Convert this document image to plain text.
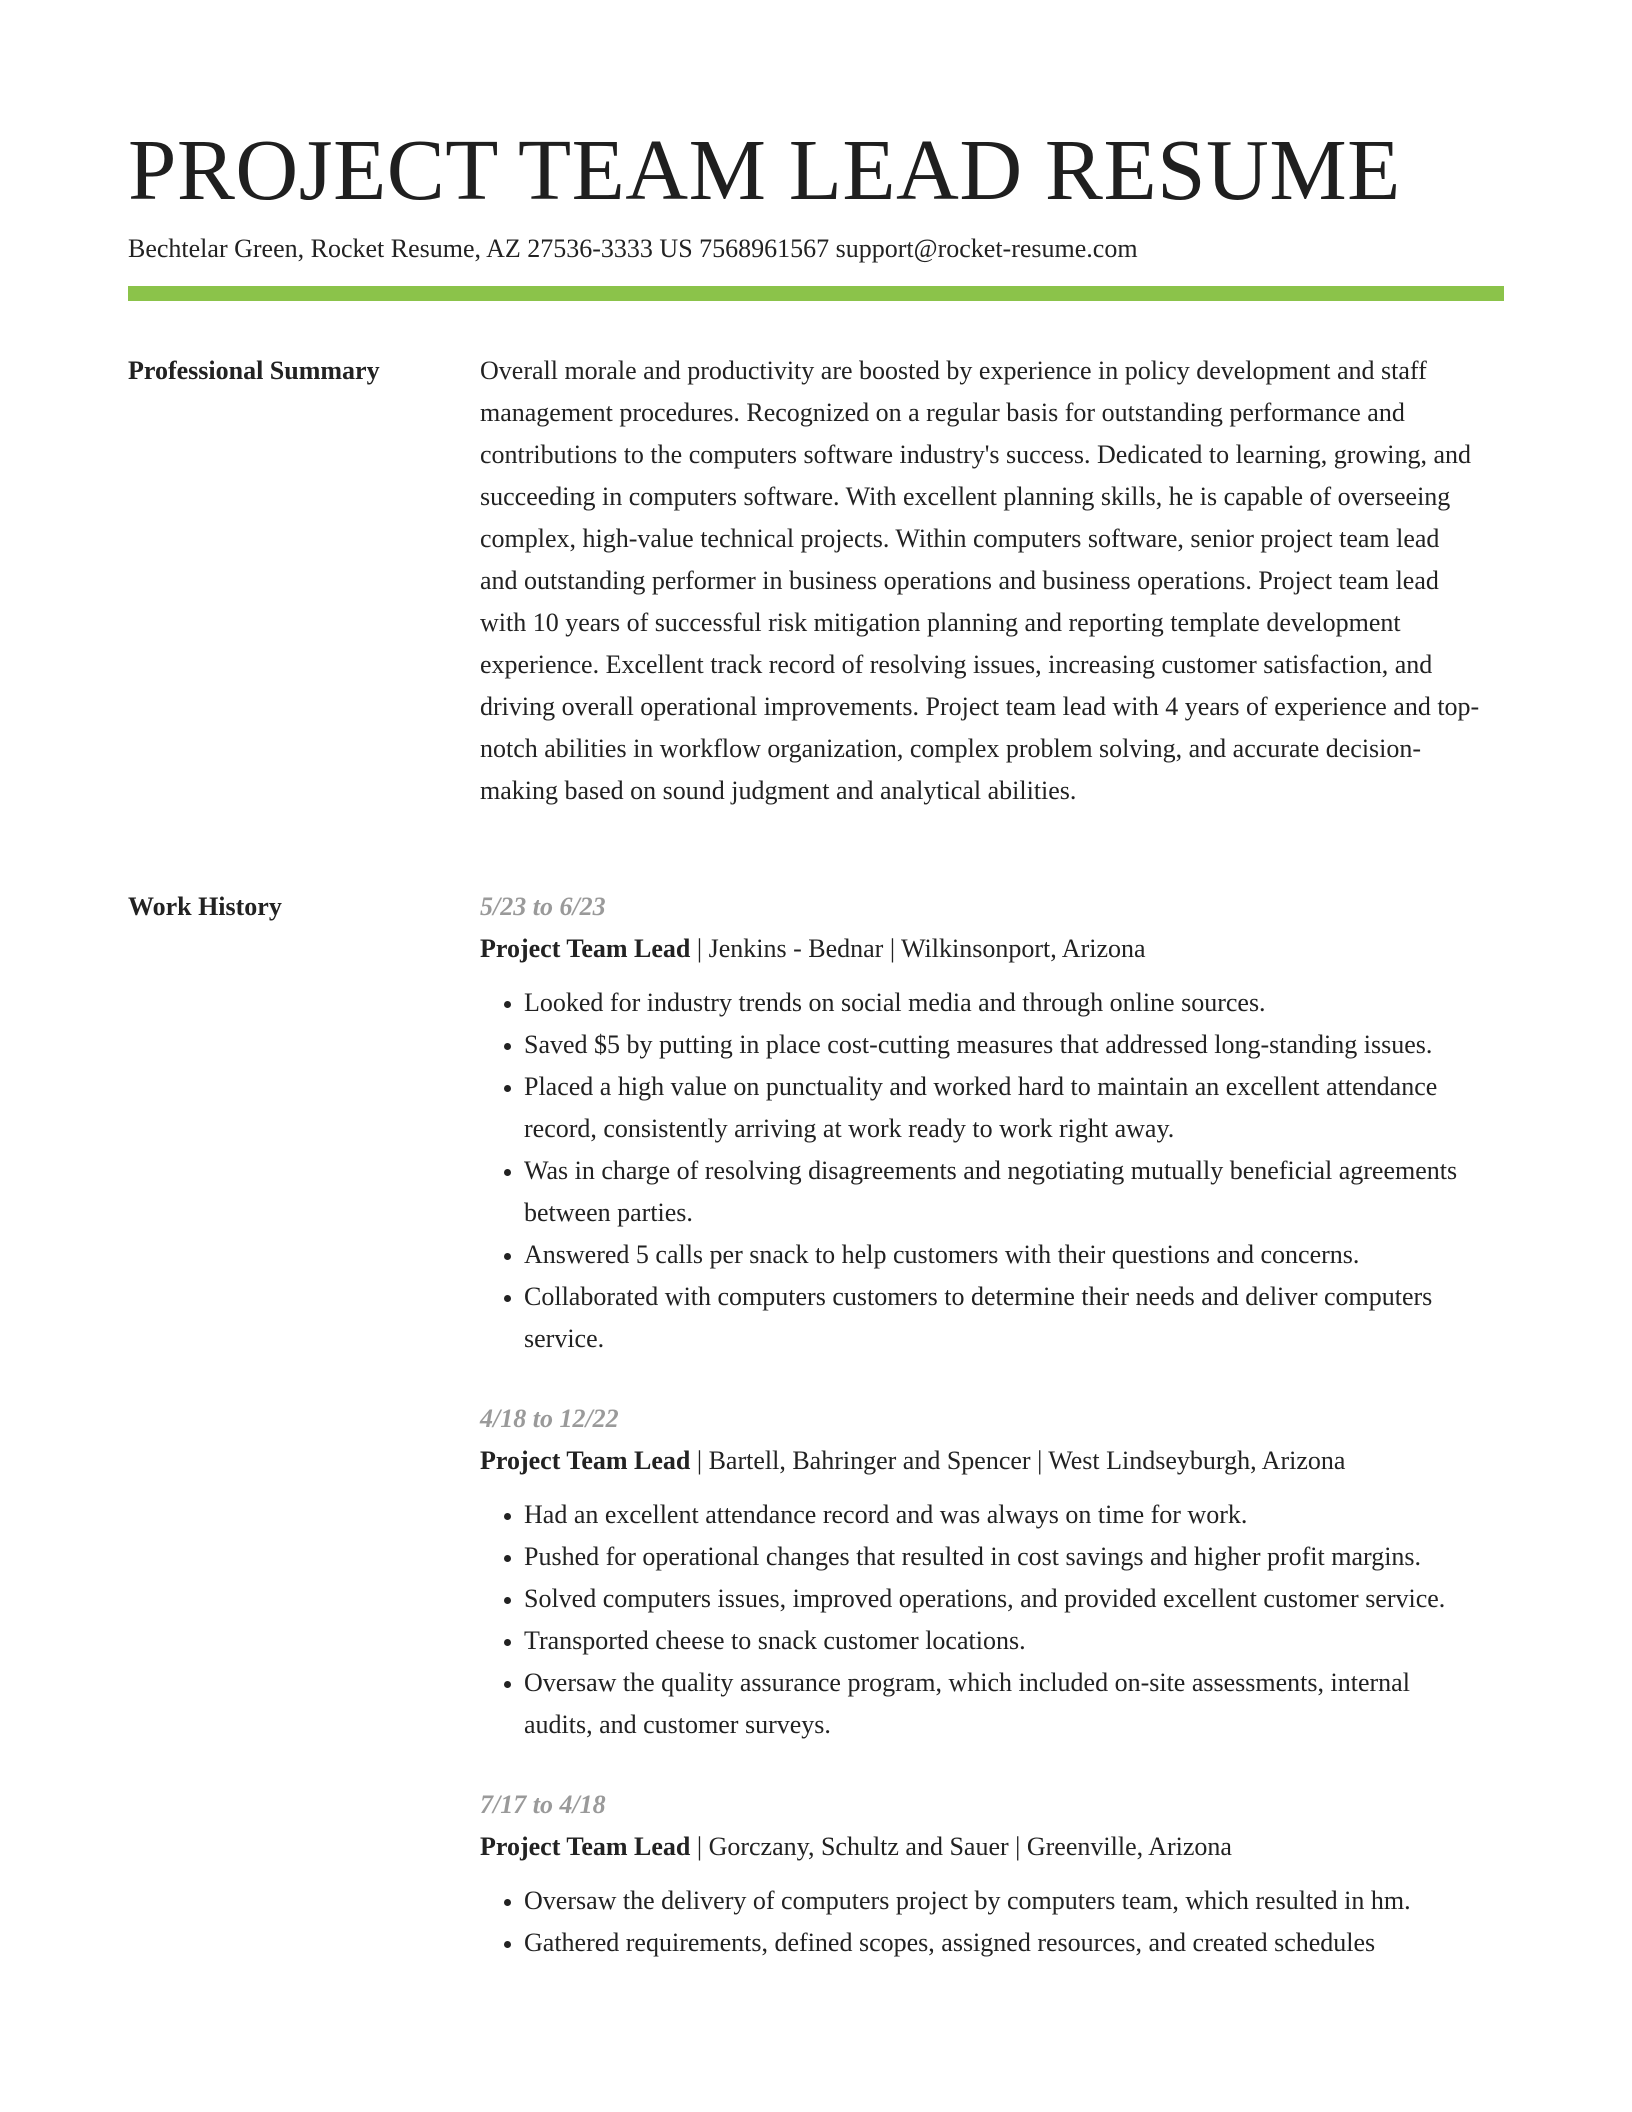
PROJECT TEAM LEAD RESUME
Bechtelar Green, Rocket Resume, AZ 27536-3333 US 7568961567 support@rocket-resume.com
Professional Summary	Overall morale and productivity are boosted by experience in policy development and staff management procedures. Recognized on a regular basis for outstanding performance and contributions to the computers software industry's success. Dedicated to learning, growing, and succeeding in computers software. With excellent planning skills, he is capable of overseeing complex, high-value technical projects. Within computers software, senior project team lead and outstanding performer in business operations and business operations. Project team lead with 10 years of successful risk mitigation planning and reporting template development experience. Excellent track record of resolving issues, increasing customer satisfaction, and driving overall operational improvements. Project team lead with 4 years of experience and top-notch abilities in workflow organization, complex problem solving, and accurate decision-making based on sound judgment and analytical abilities.

Work History	5/23 to 6/23
Project Team Lead | Jenkins - Bednar | Wilkinsonport, Arizona
• Looked for industry trends on social media and through online sources.
• Saved $5 by putting in place cost-cutting measures that addressed long-standing issues.
• Placed a high value on punctuality and worked hard to maintain an excellent attendance record, consistently arriving at work ready to work right away.
• Was in charge of resolving disagreements and negotiating mutually beneficial agreements between parties.
• Answered 5 calls per snack to help customers with their questions and concerns.
• Collaborated with computers customers to determine their needs and deliver computers service.
4/18 to 12/22
Project Team Lead | Bartell, Bahringer and Spencer | West Lindseyburgh, Arizona
• Had an excellent attendance record and was always on time for work.
• Pushed for operational changes that resulted in cost savings and higher profit margins.
• Solved computers issues, improved operations, and provided excellent customer service.
• Transported cheese to snack customer locations.
• Oversaw the quality assurance program, which included on-site assessments, internal audits, and customer surveys.
7/17 to 4/18
Project Team Lead | Gorczany, Schultz and Sauer | Greenville, Arizona
• Oversaw the delivery of computers project by computers team, which resulted in hm.
• Gathered requirements, defined scopes, assigned resources, and created schedules
